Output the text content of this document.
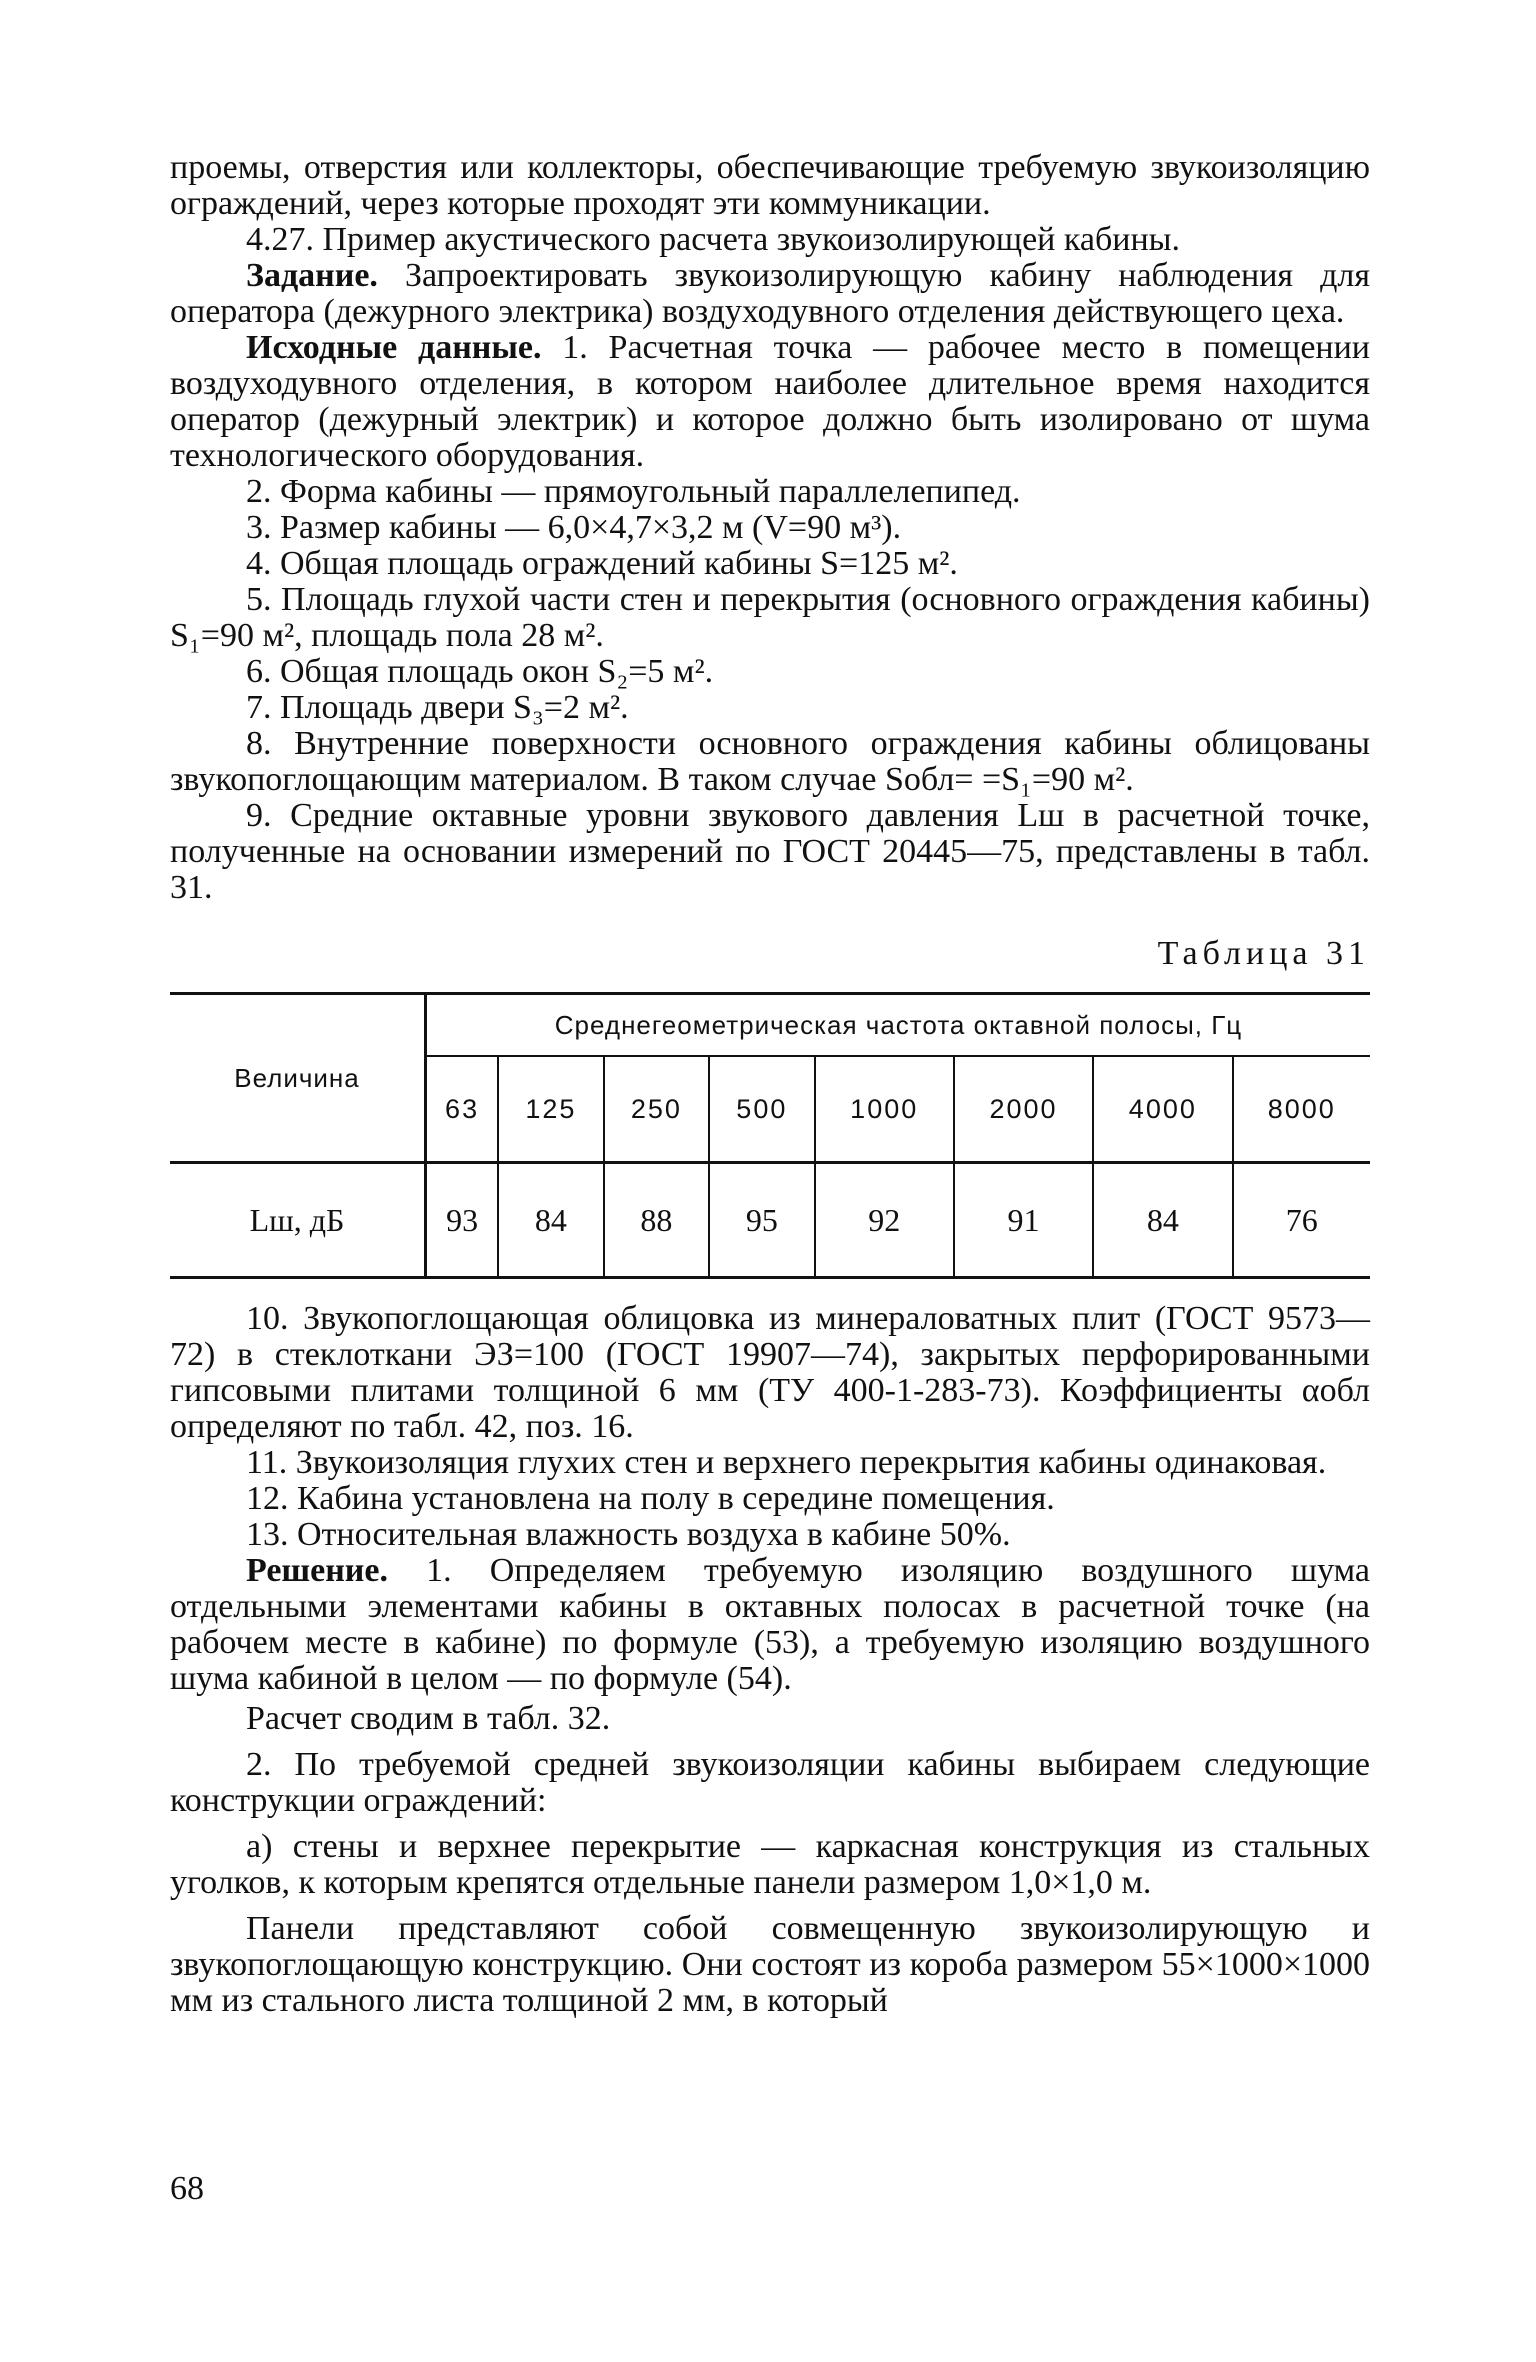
проемы, отверстия или коллекторы, обеспечивающие требуемую звукоизоляцию ограждений, через которые проходят эти коммуникации.

4.27. Пример акустического расчета звукоизолирующей кабины.

Задание. Запроектировать звукоизолирующую кабину наблюдения для оператора (дежурного электрика) воздуходувного отделения действующего цеха.

Исходные данные. 1. Расчетная точка — рабочее место в помещении воздуходувного отделения, в котором наиболее длительное время находится оператор (дежурный электрик) и которое должно быть изолировано от шума технологического оборудования.

2. Форма кабины — прямоугольный параллелепипед.

3. Размер кабины — 6,0×4,7×3,2 м (V=90 м³).

4. Общая площадь ограждений кабины S=125 м².

5. Площадь глухой части стен и перекрытия (основного ограждения кабины) S₁=90 м², площадь пола 28 м².

6. Общая площадь окон S₂=5 м².

7. Площадь двери S₃=2 м².

8. Внутренние поверхности основного ограждения кабины облицованы звукопоглощающим материалом. В таком случае Sобл= =S₁=90 м².

9. Средние октавные уровни звукового давления Lш в расчетной точке, полученные на основании измерений по ГОСТ 20445—75, представлены в табл. 31.

Таблица 31

Величина	Среднегеометрическая частота октавной полосы, Гц							
	63	125	250	500	1000	2000	4000	8000
Lш, дБ	93	84	88	95	92	91	84	76

10. Звукопоглощающая облицовка из минераловатных плит (ГОСТ 9573—72) в стеклоткани ЭЗ=100 (ГОСТ 19907—74), закрытых перфорированными гипсовыми плитами толщиной 6 мм (ТУ 400-1-283-73). Коэффициенты αобл определяют по табл. 42, поз. 16.

11. Звукоизоляция глухих стен и верхнего перекрытия кабины одинаковая.

12. Кабина установлена на полу в середине помещения.

13. Относительная влажность воздуха в кабине 50%.

Решение. 1. Определяем требуемую изоляцию воздушного шума отдельными элементами кабины в октавных полосах в расчетной точке (на рабочем месте в кабине) по формуле (53), а требуемую изоляцию воздушного шума кабиной в целом — по формуле (54).

Расчет сводим в табл. 32.

2. По требуемой средней звукоизоляции кабины выбираем следующие конструкции ограждений:

а) стены и верхнее перекрытие — каркасная конструкция из стальных уголков, к которым крепятся отдельные панели размером 1,0×1,0 м.

Панели представляют собой совмещенную звукоизолирующую и звукопоглощающую конструкцию. Они состоят из короба размером 55×1000×1000 мм из стального листа толщиной 2 мм, в который

68
